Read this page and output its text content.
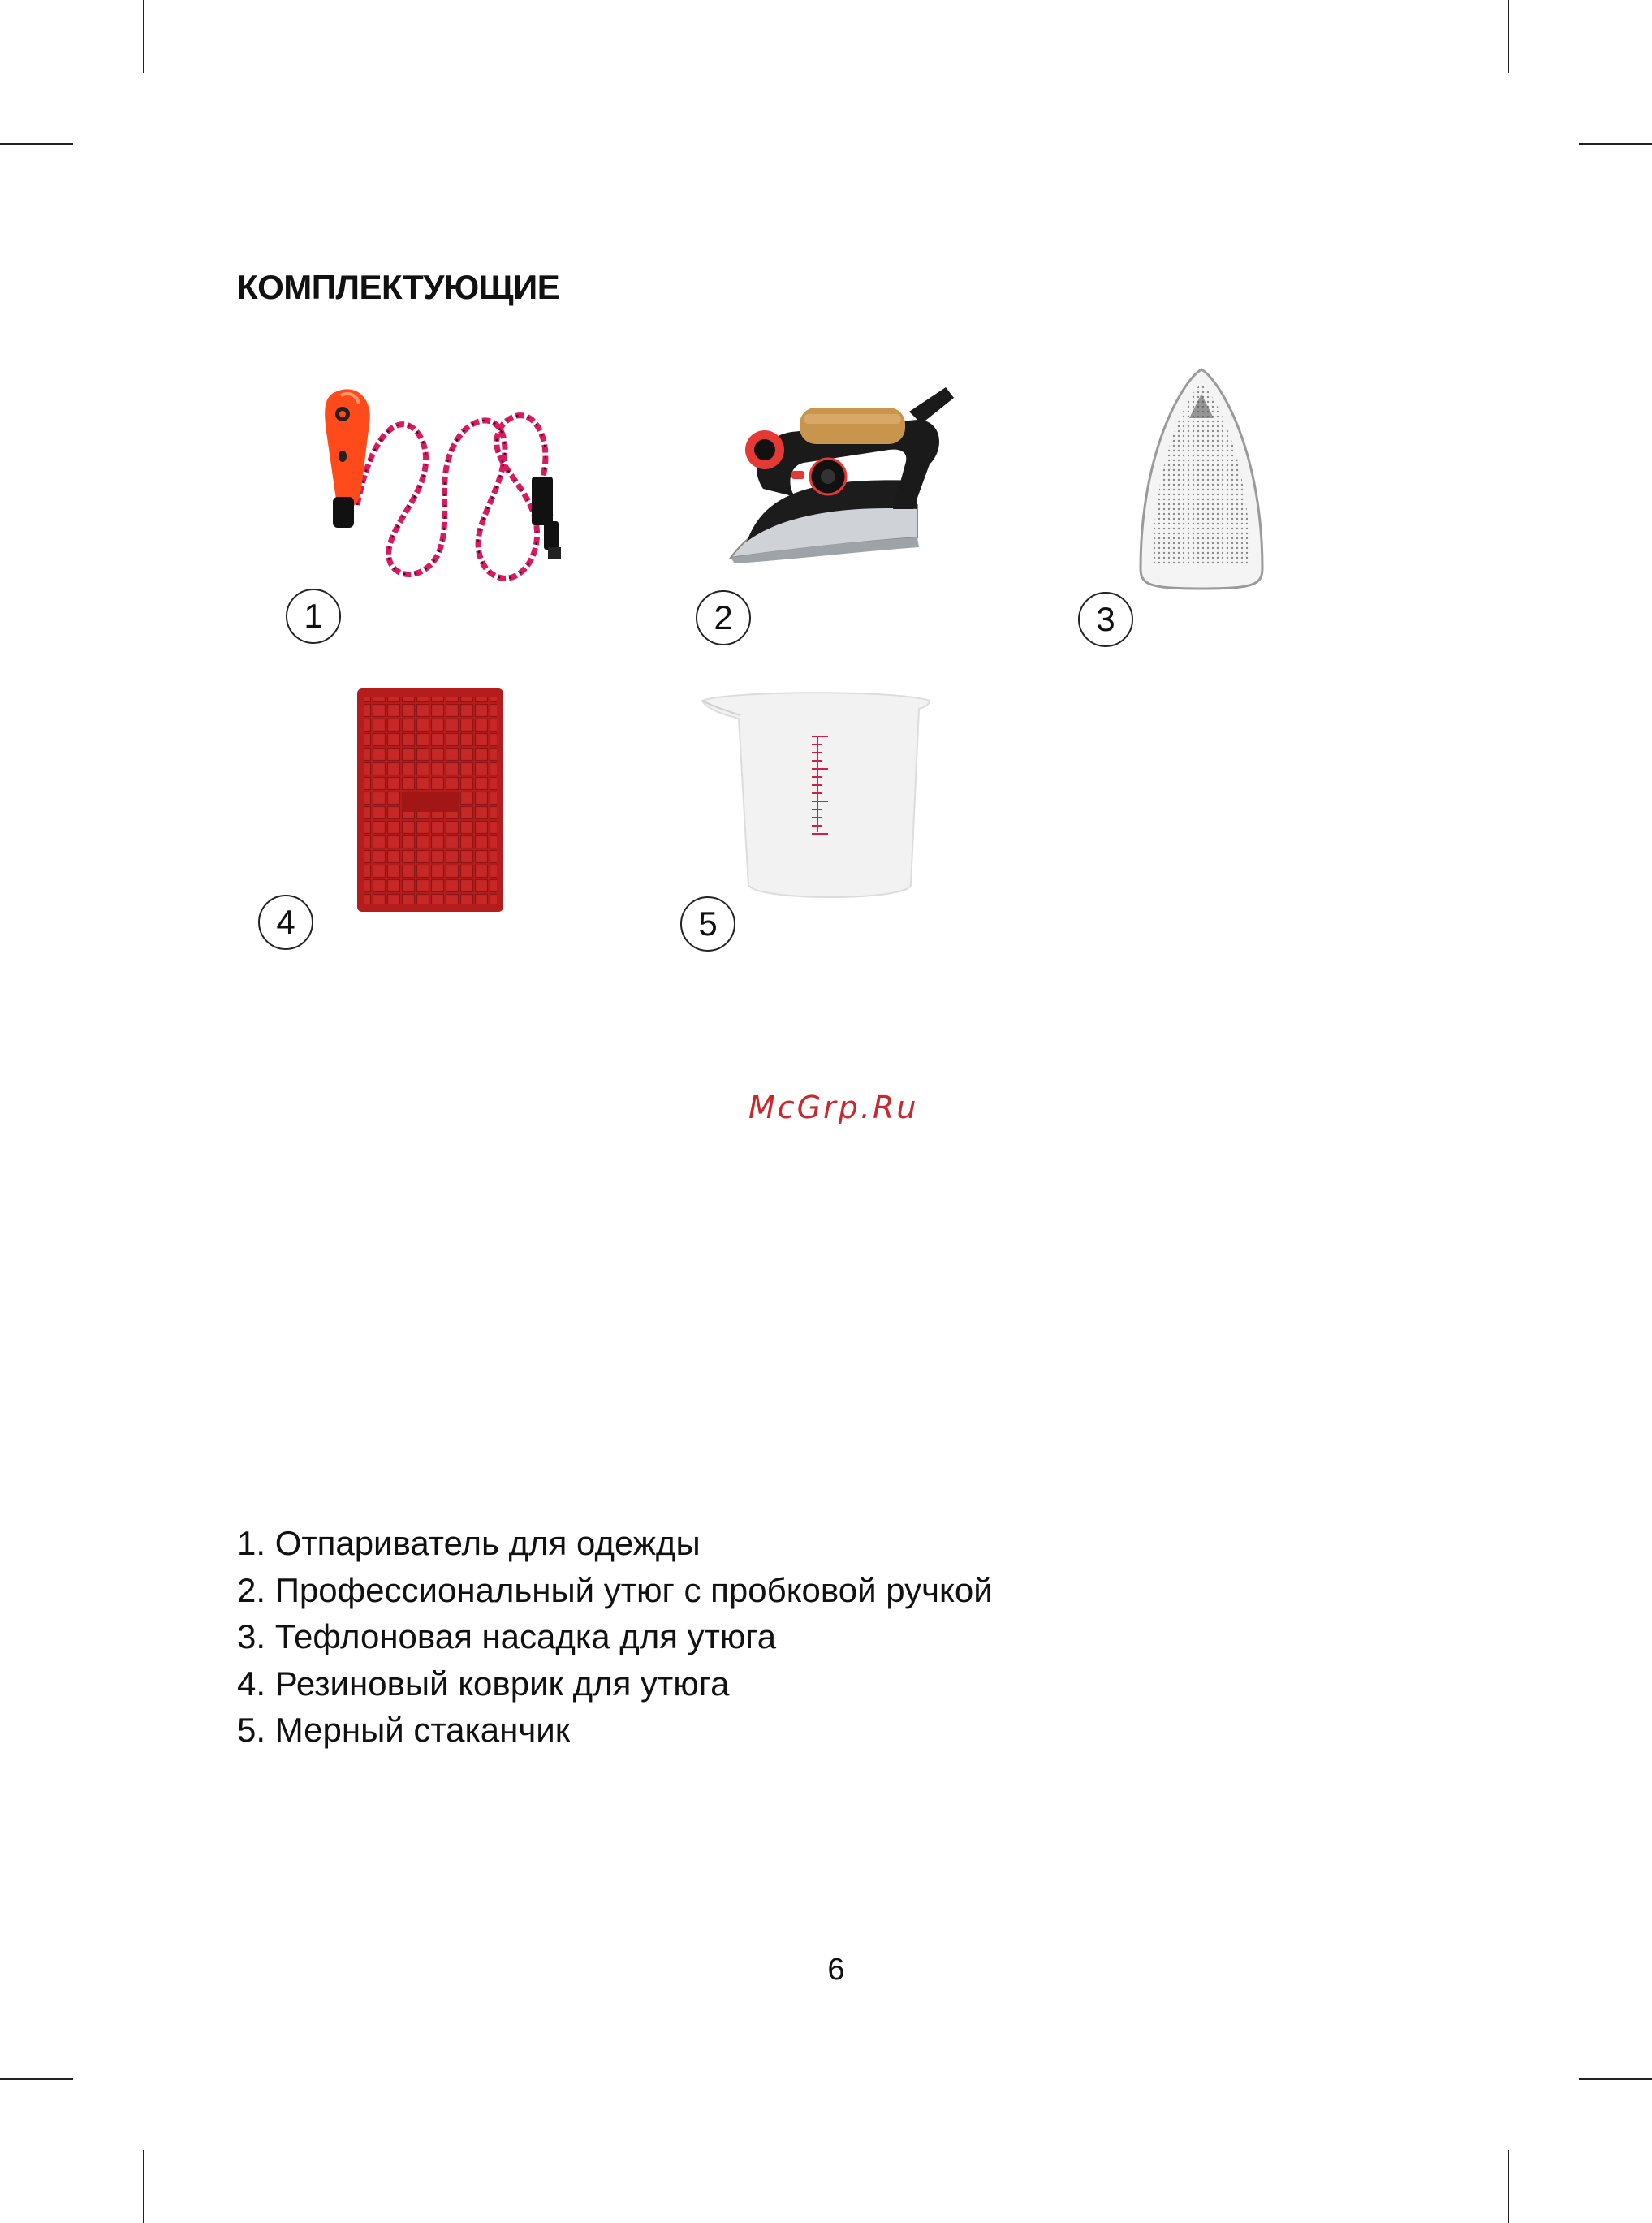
КОМПЛЕКТУЮЩИЕ
1	2	3
4	5
McGrp.Ru
1. Отпариватель для одежды
2. Профессиональный утюг с пробковой ручкой
3. Тефлоновая насадка для утюга
4. Резиновый коврик для утюга
5. Мерный стаканчик
6
